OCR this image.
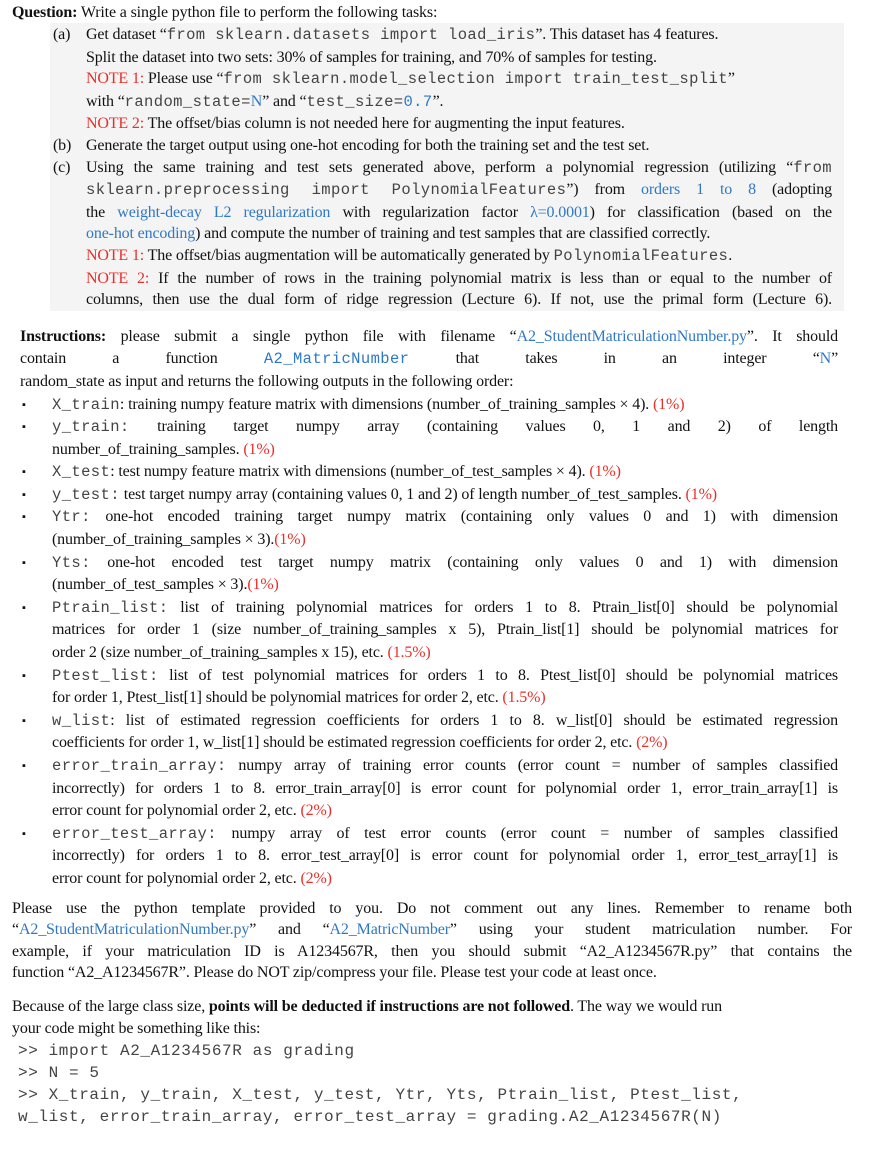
Question: Write a single python file to perform the following tasks:
(a) Get dataset “from sklearn.datasets import load_iris”. This dataset has 4 features.
Split the dataset into two sets: 30% of samples for training, and 70% of samples for testing.
NOTE 1: Please use “from sklearn.model_selection import train_test_split”
with “random_state=N” and “test_size=0.7”.
NOTE 2: The offset/bias column is not needed here for augmenting the input features.
(b) Generate the target output using one-hot encoding for both the training set and the test set.
(c) Using the same training and test sets generated above, perform a polynomial regression (utilizing “from
sklearn.preprocessing import PolynomialFeatures”) from orders 1 to 8 (adopting
the weight-decay L2 regularization with regularization factor λ=0.0001) for classification (based on the
one-hot encoding) and compute the number of training and test samples that are classified correctly.
NOTE 1: The offset/bias augmentation will be automatically generated by PolynomialFeatures.
NOTE 2: If the number of rows in the training polynomial matrix is less than or equal to the number of
columns, then use the dual form of ridge regression (Lecture 6). If not, use the primal form (Lecture 6).
Instructions: please submit a single python file with filename “A2_StudentMatriculationNumber.py”. It should
contain a function A2_MatricNumber that takes in an integer “N”
random_state as input and returns the following outputs in the following order:
▪ X_train: training numpy feature matrix with dimensions (number_of_training_samples × 4). (1%)
▪ y_train: training target numpy array (containing values 0, 1 and 2) of length
number_of_training_samples. (1%)
▪ X_test: test numpy feature matrix with dimensions (number_of_test_samples × 4). (1%)
▪ y_test: test target numpy array (containing values 0, 1 and 2) of length number_of_test_samples. (1%)
▪ Ytr: one-hot encoded training target numpy matrix (containing only values 0 and 1) with dimension
(number_of_training_samples × 3).(1%)
▪ Yts: one-hot encoded test target numpy matrix (containing only values 0 and 1) with dimension
(number_of_test_samples × 3).(1%)
▪ Ptrain_list: list of training polynomial matrices for orders 1 to 8. Ptrain_list[0] should be polynomial
matrices for order 1 (size number_of_training_samples x 5), Ptrain_list[1] should be polynomial matrices for
order 2 (size number_of_training_samples x 15), etc. (1.5%)
▪ Ptest_list: list of test polynomial matrices for orders 1 to 8. Ptest_list[0] should be polynomial matrices
for order 1, Ptest_list[1] should be polynomial matrices for order 2, etc. (1.5%)
▪ w_list: list of estimated regression coefficients for orders 1 to 8. w_list[0] should be estimated regression
coefficients for order 1, w_list[1] should be estimated regression coefficients for order 2, etc. (2%)
▪ error_train_array: numpy array of training error counts (error count = number of samples classified
incorrectly) for orders 1 to 8. error_train_array[0] is error count for polynomial order 1, error_train_array[1] is
error count for polynomial order 2, etc. (2%)
▪ error_test_array: numpy array of test error counts (error count = number of samples classified
incorrectly) for orders 1 to 8. error_test_array[0] is error count for polynomial order 1, error_test_array[1] is
error count for polynomial order 2, etc. (2%)
Please use the python template provided to you. Do not comment out any lines. Remember to rename both
“A2_StudentMatriculationNumber.py” and “A2_MatricNumber” using your student matriculation number. For
example, if your matriculation ID is A1234567R, then you should submit “A2_A1234567R.py” that contains the
function “A2_A1234567R”. Please do NOT zip/compress your file. Please test your code at least once.
Because of the large class size, points will be deducted if instructions are not followed. The way we would run
your code might be something like this:
>> import A2_A1234567R as grading
>> N = 5
>> X_train, y_train, X_test, y_test, Ytr, Yts, Ptrain_list, Ptest_list,
w_list, error_train_array, error_test_array = grading.A2_A1234567R(N)
